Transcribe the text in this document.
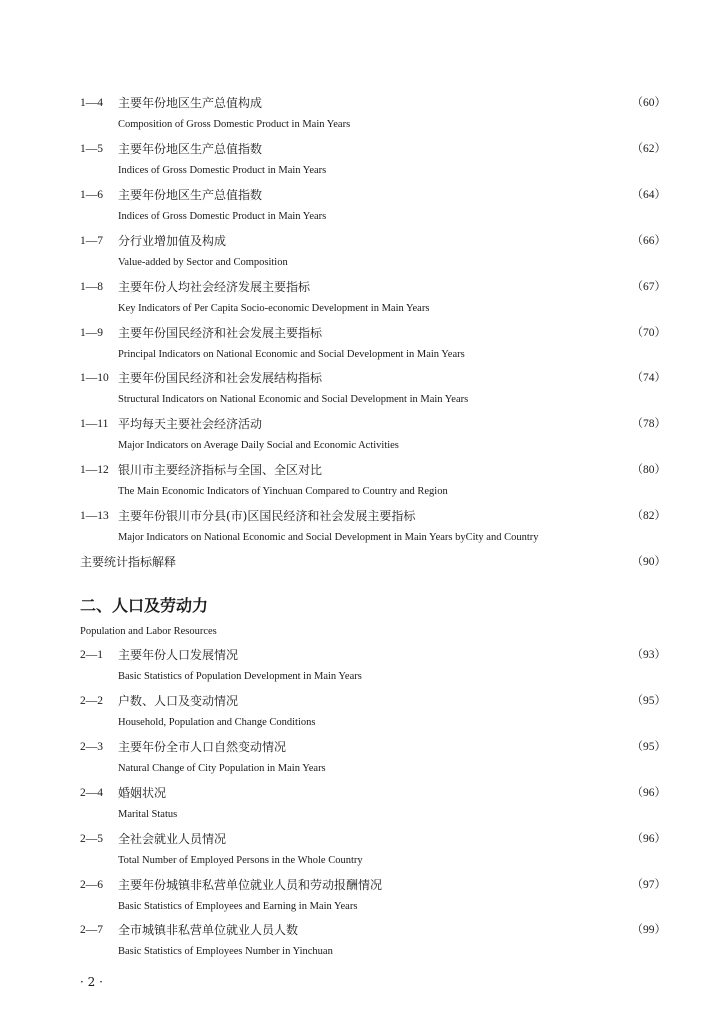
1—4 主要年份地区生产总值构成	（60）
Composition of Gross Domestic Product in Main Years
1—5 主要年份地区生产总值指数	（62）
Indices of Gross Domestic Product in Main Years
1—6 主要年份地区生产总值指数	（64）
Indices of Gross Domestic Product in Main Years
1—7 分行业增加值及构成	（66）
Value-added by Sector and Composition
1—8 主要年份人均社会经济发展主要指标	（67）
Key Indicators of Per Capita Socio-economic Development in Main Years
1—9 主要年份国民经济和社会发展主要指标	（70）
Principal Indicators on National Economic and Social Development in Main Years
1—10 主要年份国民经济和社会发展结构指标	（74）
Structural Indicators on National Economic and Social Development in Main Years
1—11 平均每天主要社会经济活动	（78）
Major Indicators on Average Daily Social and Economic Activities
1—12 银川市主要经济指标与全国、全区对比	（80）
The Main Economic Indicators of Yinchuan Compared to Country and Region
1—13 主要年份银川市分县(市)区国民经济和社会发展主要指标	（82）
Major Indicators on National Economic and Social Development in Main Years byCity and Country
主要统计指标解释	（90）
2—1 主要年份人口发展情况	（93）
Basic Statistics of Population Development in Main Years
2—2 户数、人口及变动情况	（95）
Household, Population and Change Conditions
2—3 主要年份全市人口自然变动情况	（95）
Natural Change of City Population in Main Years
2—4 婚姻状况	（96）
Marital Status
2—5 全社会就业人员情况	（96）
Total Number of Employed Persons in the Whole Country
2—6 主要年份城镇非私营单位就业人员和劳动报酬情况	（97）
Basic Statistics of Employees and Earning in Main Years
2—7 全市城镇非私营单位就业人员人数	（99）
Basic Statistics of Employees Number in Yinchuan
二、人口及劳动力
Population and Labor Resources
· 2 ·
